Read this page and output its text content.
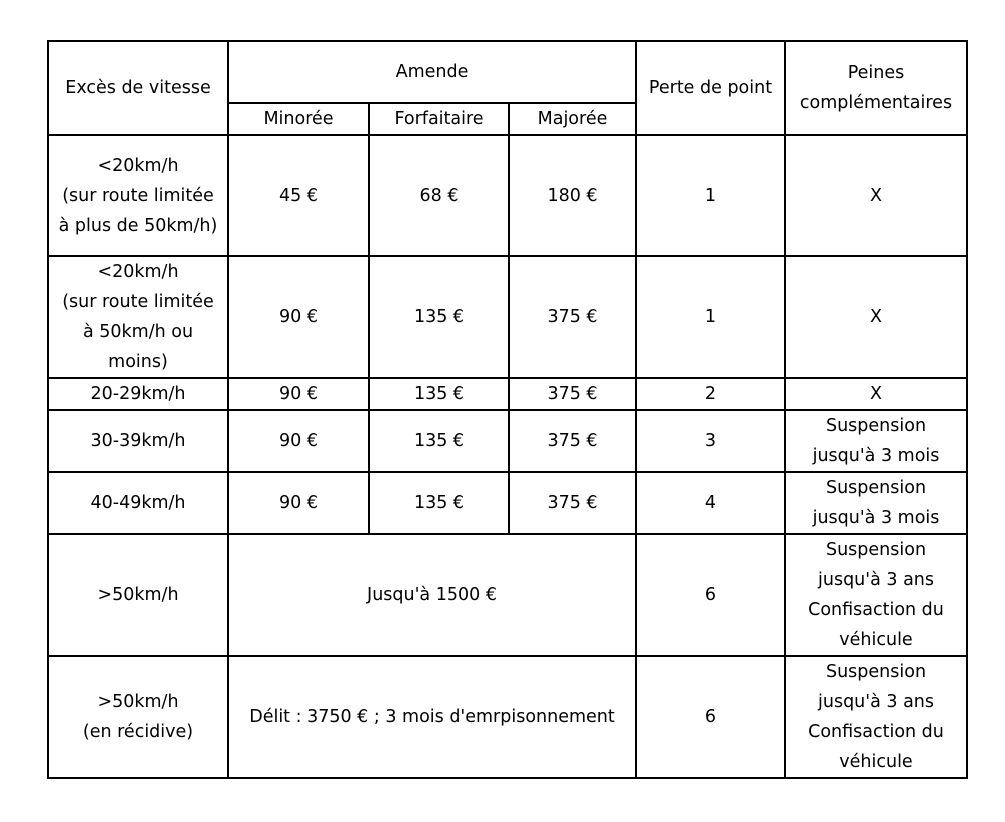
Excès de vitesse	Amende			Perte de point	Peines
complémentaires
	Minorée	Forfaitaire	Majorée		
<20km/h
(sur route limitée
à plus de 50km/h)	45 €	68 €	180 €	1	X
<20km/h
(sur route limitée
à 50km/h ou
moins)	90 €	135 €	375 €	1	X
20-29km/h	90 €	135 €	375 €	2	X
30-39km/h	90 €	135 €	375 €	3	Suspension
jusqu'à 3 mois
40-49km/h	90 €	135 €	375 €	4	Suspension
jusqu'à 3 mois
>50km/h	Jusqu'à 1500 €			6	Suspension
jusqu'à 3 ans
Confisaction du
véhicule
>50km/h
(en récidive)	Délit : 3750 € ; 3 mois d'emrpisonnement			6	Suspension
jusqu'à 3 ans
Confisaction du
véhicule
